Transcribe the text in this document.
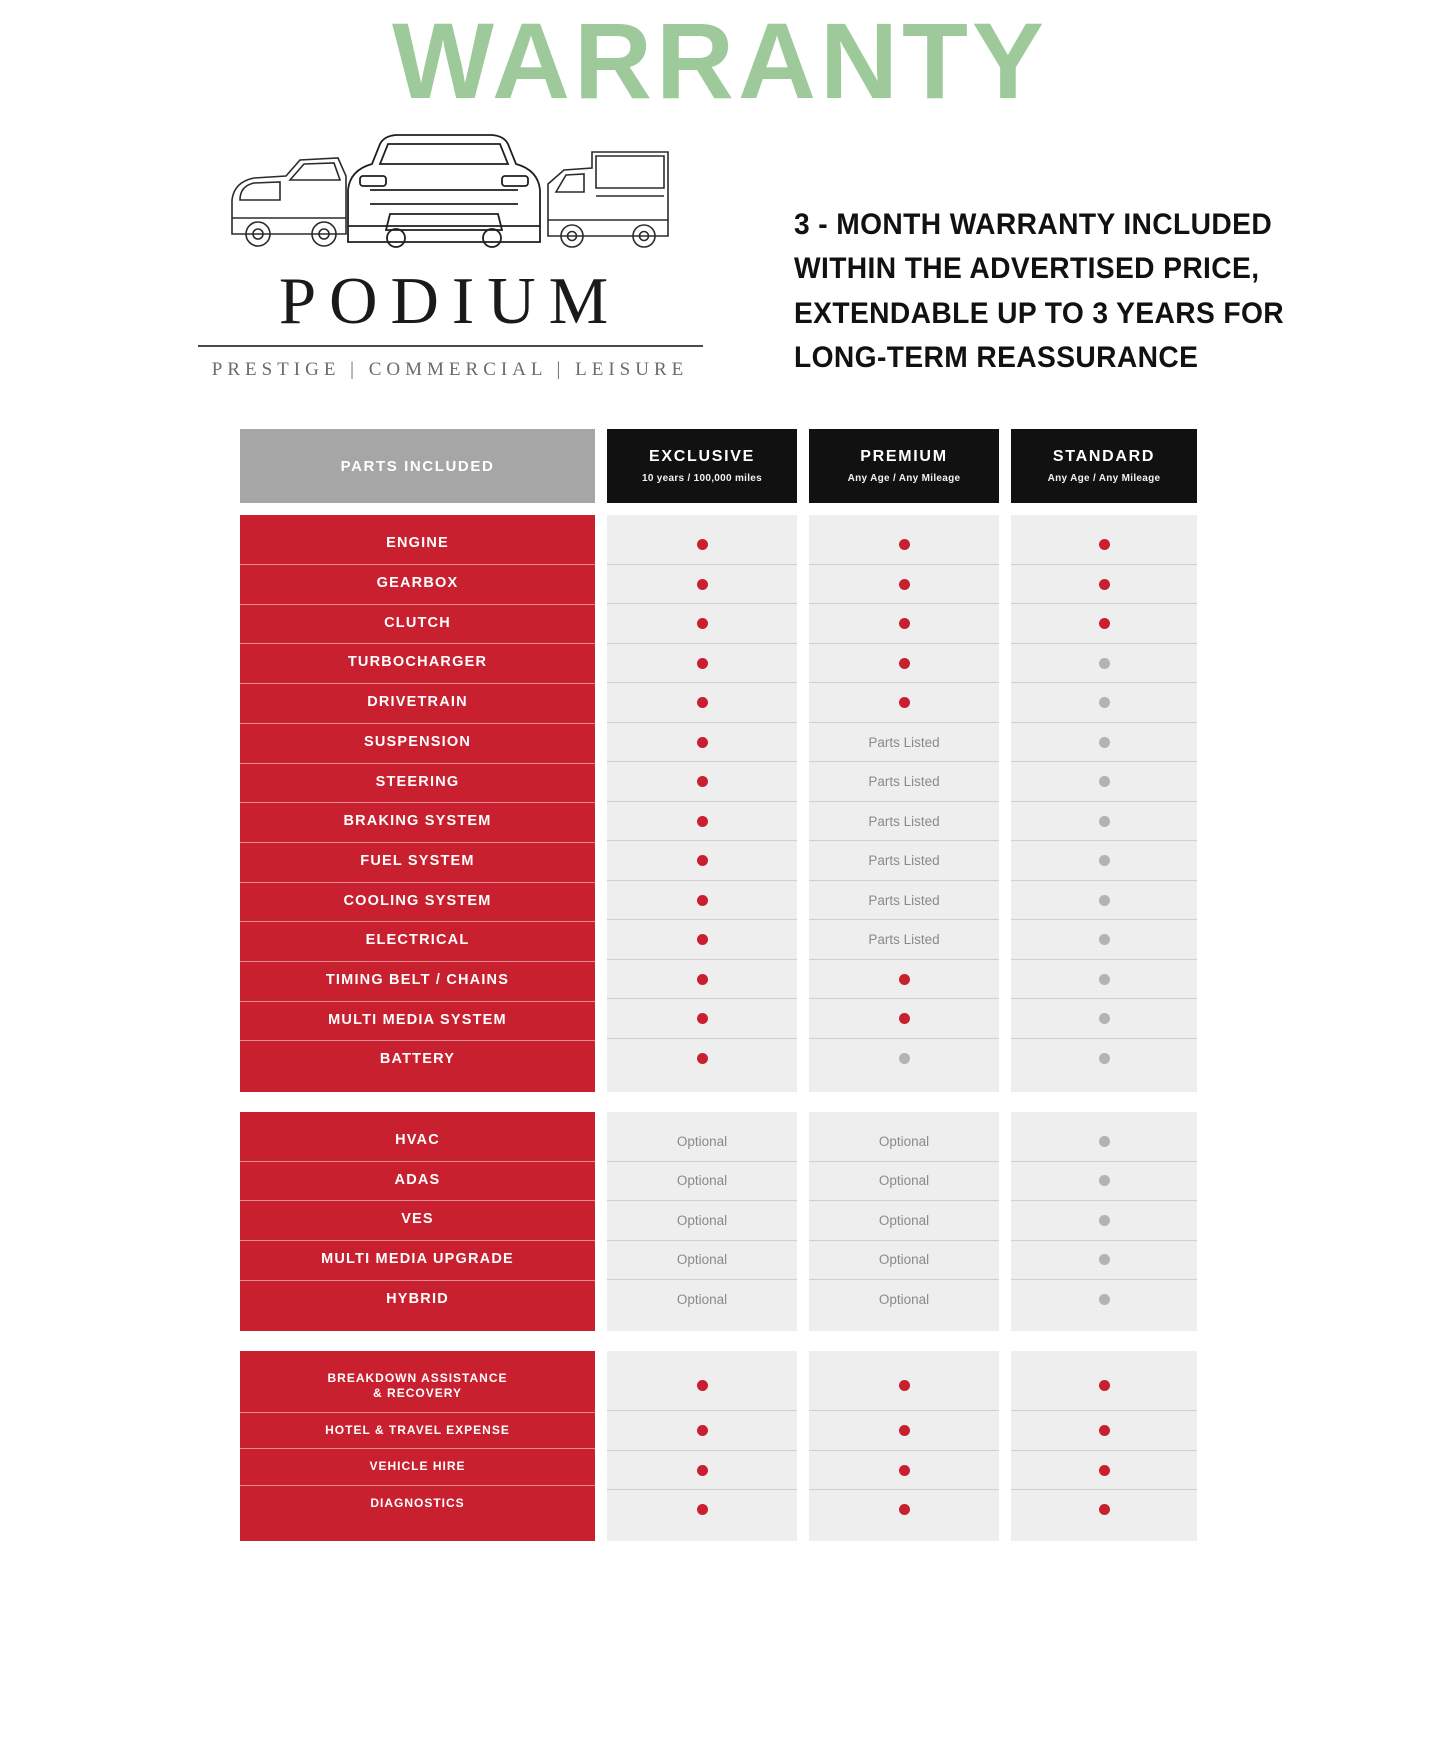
WARRANTY
PODIUM
PRESTIGE | COMMERCIAL | LEISURE

3 - MONTH WARRANTY INCLUDED WITHIN THE ADVERTISED PRICE, EXTENDABLE UP TO 3 YEARS FOR LONG-TERM REASSURANCE

PARTS INCLUDED
EXCLUSIVE
10 years / 100,000 miles
PREMIUM
Any Age / Any Mileage
STANDARD
Any Age / Any Mileage
ENGINE
GEARBOX
CLUTCH
TURBOCHARGER
DRIVETRAIN
SUSPENSION
STEERING
BRAKING SYSTEM
FUEL SYSTEM
COOLING SYSTEM
ELECTRICAL
TIMING BELT / CHAINS
MULTI MEDIA SYSTEM
BATTERY
Parts Listed
Parts Listed
Parts Listed
Parts Listed
Parts Listed
Parts Listed
HVAC
ADAS
VES
MULTI MEDIA UPGRADE
HYBRID
Optional
Optional
Optional
Optional
Optional
Optional
Optional
Optional
Optional
Optional
BREAKDOWN ASSISTANCE
& RECOVERY
HOTEL & TRAVEL EXPENSE
VEHICLE HIRE
DIAGNOSTICS
